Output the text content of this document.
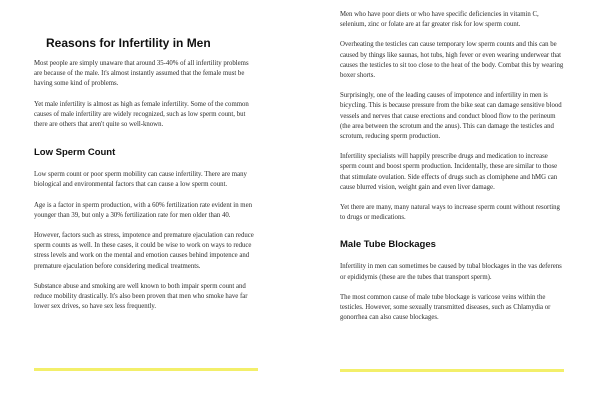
Reasons for Infertility in Men

Most people are simply unaware that around 35-40% of all infertility problems are because of the male. It's almost instantly assumed that the female must be having some kind of problems.

Yet male infertility is almost as high as female infertility. Some of the common causes of male infertility are widely recognized, such as low sperm count, but there are others that aren't quite so well-known.

Low Sperm Count

Low sperm count or poor sperm mobility can cause infertility. There are many biological and environmental factors that can cause a low sperm count.

Age is a factor in sperm production, with a 60% fertilization rate evident in men younger than 39, but only a 30% fertilization rate for men older than 40.

However, factors such as stress, impotence and premature ejaculation can reduce sperm counts as well. In these cases, it could be wise to work on ways to reduce stress levels and work on the mental and emotion causes behind impotence and premature ejaculation before considering medical treatments.

Substance abuse and smoking are well known to both impair sperm count and reduce mobility drastically. It's also been proven that men who smoke have far lower sex drives, so have sex less frequently.

Men who have poor diets or who have specific deficiencies in vitamin C, selenium, zinc or folate are at far greater risk for low sperm count.

Overheating the testicles can cause temporary low sperm counts and this can be caused by things like saunas, hot tubs, high fever or even wearing underwear that causes the testicles to sit too close to the heat of the body. Combat this by wearing boxer shorts.

Surprisingly, one of the leading causes of impotence and infertility in men is bicycling. This is because pressure from the bike seat can damage sensitive blood vessels and nerves that cause erections and conduct blood flow to the perineum (the area between the scrotum and the anus). This can damage the testicles and scrotum, reducing sperm production.

Infertility specialists will happily prescribe drugs and medication to increase sperm count and boost sperm production. Incidentally, these are similar to those that stimulate ovulation. Side effects of drugs such as clomiphene and hMG can cause blurred vision, weight gain and even liver damage.

Yet there are many, many natural ways to increase sperm count without resorting to drugs or medications.

Male Tube Blockages

Infertility in men can sometimes be caused by tubal blockages in the vas deferens or epididymis (these are the tubes that transport sperm).

The most common cause of male tube blockage is varicose veins within the testicles. However, some sexually transmitted diseases, such as Chlamydia or gonorrhea can also cause blockages.
